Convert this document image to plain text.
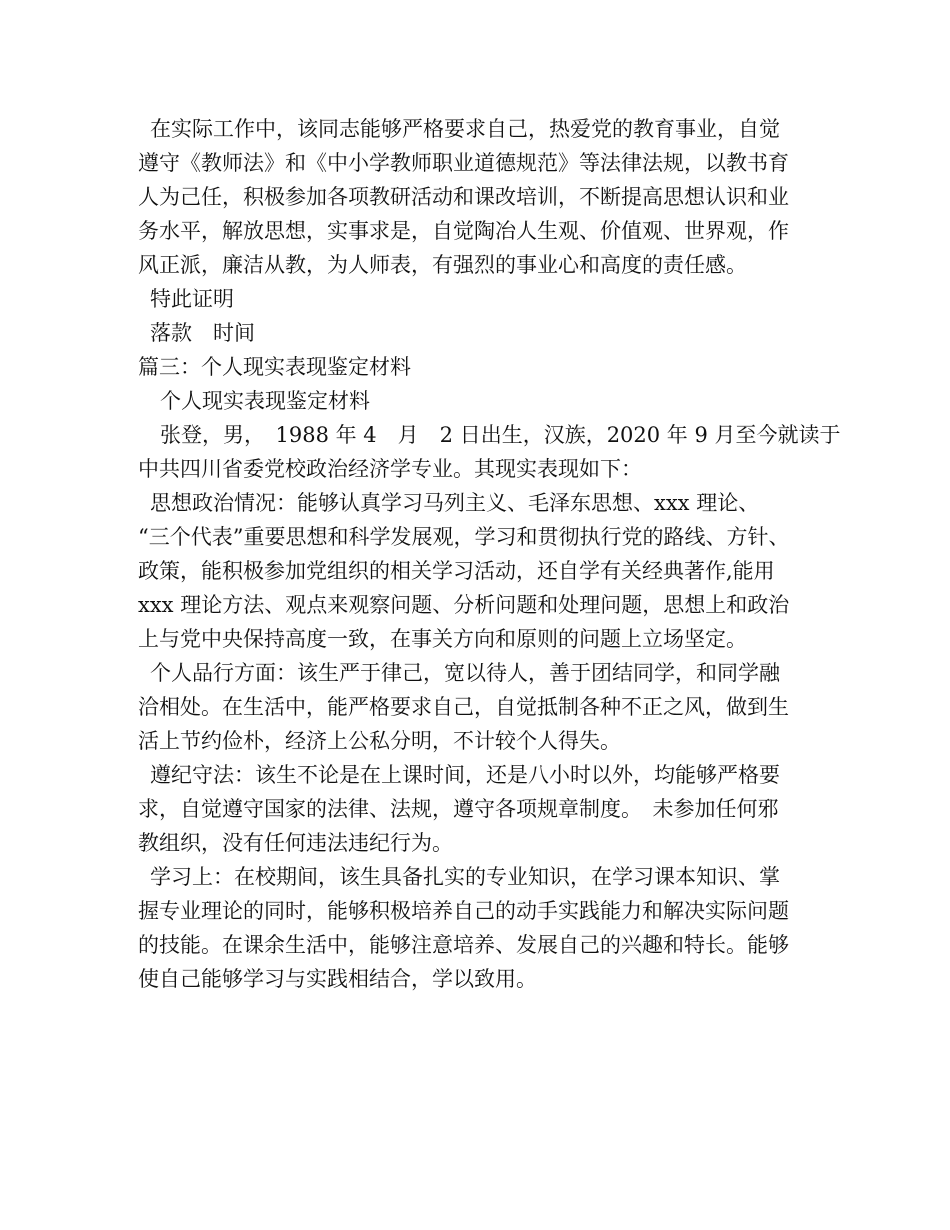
在实际工作中，该同志能够严格要求自己，热爱党的教育事业，自觉
遵守《教师法》和《中小学教师职业道德规范》等法律法规，以教书育
人为己任，积极参加各项教研活动和课改培训，不断提高思想认识和业
务水平，解放思想，实事求是，自觉陶冶人生观、价值观、世界观，作
风正派，廉洁从教，为人师表，有强烈的事业心和高度的责任感。
特此证明
落款　时间
篇三：个人现实表现鉴定材料
个人现实表现鉴定材料
张登，男，　1988 年 4　月　2 日出生，汉族，2020 年 9 月至今就读于
中共四川省委党校政治经济学专业。其现实表现如下：
思想政治情况：能够认真学习马列主义、毛泽东思想、xxx 理论、
“三个代表”重要思想和科学发展观，学习和贯彻执行党的路线、方针、
政策，能积极参加党组织的相关学习活动，还自学有关经典著作,能用
xxx 理论方法、观点来观察问题、分析问题和处理问题，思想上和政治
上与党中央保持高度一致，在事关方向和原则的问题上立场坚定。
个人品行方面：该生严于律己，宽以待人，善于团结同学，和同学融
洽相处。在生活中，能严格要求自己，自觉抵制各种不正之风，做到生
活上节约俭朴，经济上公私分明，不计较个人得失。
遵纪守法：该生不论是在上课时间，还是八小时以外，均能够严格要
求，自觉遵守国家的法律、法规，遵守各项规章制度。　未参加任何邪
教组织，没有任何违法违纪行为。
学习上：在校期间，该生具备扎实的专业知识，在学习课本知识、掌
握专业理论的同时，能够积极培养自己的动手实践能力和解决实际问题
的技能。在课余生活中，能够注意培养、发展自己的兴趣和特长。能够
使自己能够学习与实践相结合，学以致用。
